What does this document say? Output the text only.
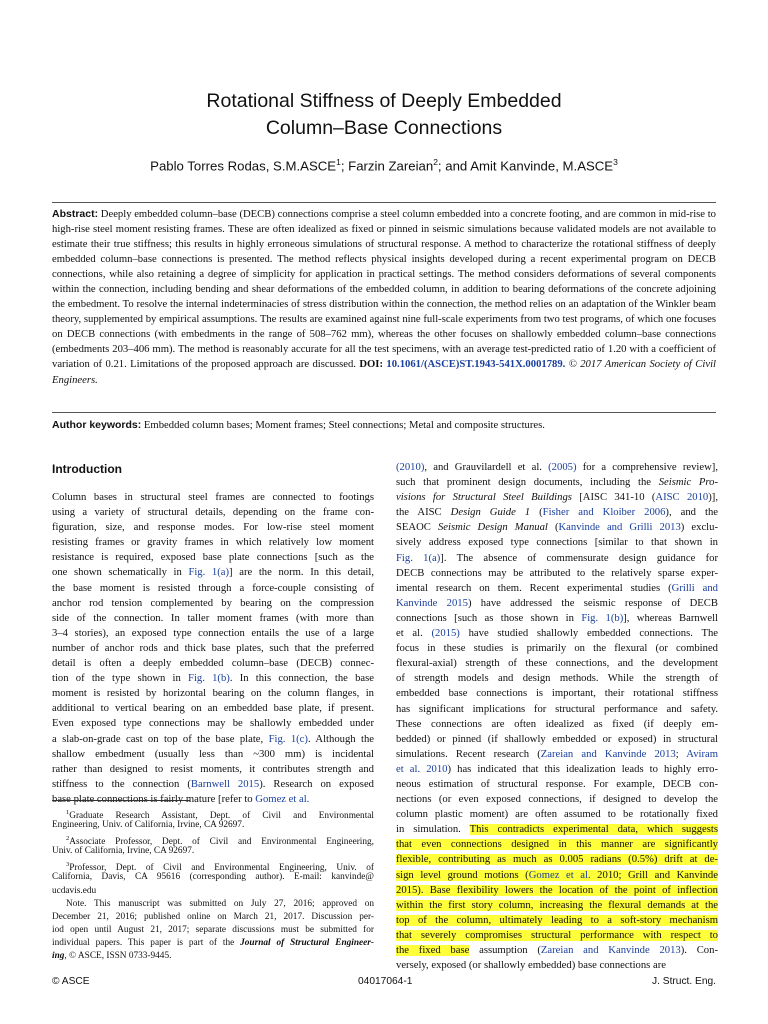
Rotational Stiffness of Deeply Embedded
Column–Base Connections
Pablo Torres Rodas, S.M.ASCE$^1$; Farzin Zareian$^2$; and Amit Kanvinde, M.ASCE$^3$
Abstract: Deeply embedded column–base (DECB) connections comprise a steel column embedded into a concrete footing, and are common in mid-rise to high-rise steel moment resisting frames. These are often idealized as fixed or pinned in seismic simulations because validated models are not available to estimate their true stiffness; this results in highly erroneous simulations of structural response. A method to characterize the rotational stiffness of deeply embedded column–base connections is presented. The method reflects physical insights developed during a recent experimental program on DECB connections, while also retaining a degree of simplicity for application in practical settings. The method considers deformations of several components within the connection, including bending and shear deformations of the embedded column, in addition to bearing deformations of the concrete adjoining the embedment. To resolve the internal indeterminacies of stress distribution within the connection, the method relies on an adaptation of the Winkler beam theory, supplemented by empirical assumptions. The results are examined against nine full-scale experiments from two test programs, of which one focuses on DECB connections (with embedments in the range of 508–762 mm), whereas the other focuses on shallowly embedded column–base connections (embedments 203–406 mm). The method is reasonably accurate for all the test specimens, with an average test-predicted ratio of 1.20 with a coefficient of variation of 0.21. Limitations of the proposed approach are discussed. DOI: 10.1061/(ASCE)ST.1943-541X.0001789. © 2017 American Society of Civil Engineers.
Author keywords: Embedded column bases; Moment frames; Steel connections; Metal and composite structures.
Introduction
Column bases in structural steel frames are connected to footings
using a variety of structural details, depending on the frame con-
figuration, size, and response modes. For low-rise steel moment
resisting frames or gravity frames in which relatively low moment
resistance is required, exposed base plate connections [such as the
one shown schematically in Fig. 1(a)] are the norm. In this detail,
the base moment is resisted through a force-couple consisting of
anchor rod tension complemented by bearing on the compression
side of the connection. In taller moment frames (with more than
3–4 stories), an exposed type connection entails the use of a large
number of anchor rods and thick base plates, such that the preferred
detail is often a deeply embedded column–base (DECB) connec-
tion of the type shown in Fig. 1(b). In this connection, the base
moment is resisted by horizontal bearing on the column flanges, in
additional to vertical bearing on an embedded base plate, if present.
Even exposed type connections may be shallowly embedded under
a slab-on-grade cast on top of the base plate, Fig. 1(c). Although the
shallow embedment (usually less than ~300 mm) is incidental
rather than designed to resist moments, it contributes strength and
stiffness to the connection (Barnwell 2015). Research on exposed
base plate connections is fairly mature [refer to Gomez et al.
(2010), and Grauvilardell et al. (2005) for a comprehensive review],
such that prominent design documents, including the Seismic Pro-
visions for Structural Steel Buildings [AISC 341-10 (AISC 2010)],
the AISC Design Guide 1 (Fisher and Kloiber 2006), and the
SEAOC Seismic Design Manual (Kanvinde and Grilli 2013) exclu-
sively address exposed type connections [similar to that shown in
Fig. 1(a)]. The absence of commensurate design guidance for
DECB connections may be attributed to the relatively sparse exper-
imental research on them. Recent experimental studies (Grilli and
Kanvinde 2015) have addressed the seismic response of DECB
connections [such as those shown in Fig. 1(b)], whereas Barnwell
et al. (2015) have studied shallowly embedded connections. The
focus in these studies is primarily on the flexural (or combined
flexural-axial) strength of these connections, and the development
of strength models and design methods. While the strength of
embedded base connections is important, their rotational stiffness
has significant implications for structural performance and safety.
These connections are often idealized as fixed (if deeply em-
bedded) or pinned (if shallowly embedded or exposed) in structural
simulations. Recent research (Zareian and Kanvinde 2013; Aviram
et al. 2010) has indicated that this idealization leads to highly erro-
neous estimation of structural response. For example, DECB con-
nections (or even exposed connections, if designed to develop the
column plastic moment) are often assumed to be rotationally fixed
in simulation. This contradicts experimental data, which suggests
that even connections designed in this manner are significantly
flexible, contributing as much as 0.005 radians (0.5%) drift at de-
sign level ground motions (Gomez et al. 2010; Grill and Kanvinde
2015). Base flexibility lowers the location of the point of inflection
within the first story column, increasing the flexural demands at the
top of the column, ultimately leading to a soft-story mechanism
that severely compromises structural performance with respect to
the fixed base assumption (Zareian and Kanvinde 2013). Con-
versely, exposed (or shallowly embedded) base connections are
$^1$Graduate Research Assistant, Dept. of Civil and Environmental
Engineering, Univ. of California, Irvine, CA 92697.
$^2$Associate Professor, Dept. of Civil and Environmental Engineering,
Univ. of California, Irvine, CA 92697.
$^3$Professor, Dept. of Civil and Environmental Engineering, Univ. of
California, Davis, CA 95616 (corresponding author). E-mail: kanvinde@
ucdavis.edu
Note. This manuscript was submitted on July 27, 2016; approved on
December 21, 2016; published online on March 21, 2017. Discussion per-
iod open until August 21, 2017; separate discussions must be submitted for
individual papers. This paper is part of the Journal of Structural Engineer-
ing, © ASCE, ISSN 0733-9445.
© ASCE	04017064-1	J. Struct. Eng.
